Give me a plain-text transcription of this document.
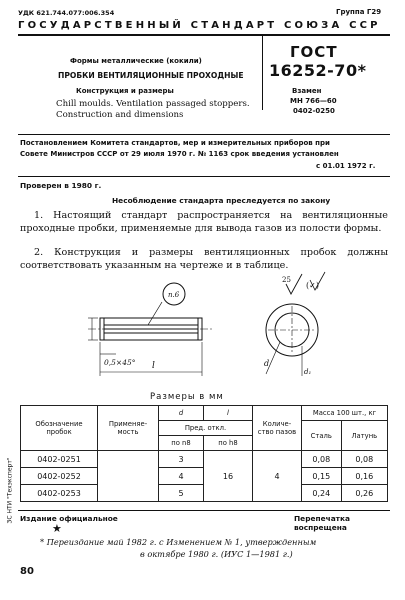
УДК 621.744.077:006.354	Группа Г29
ГОСУДАРСТВЕННЫЙ СТАНДАРТ СОЮЗА ССР
Формы металлические (кокили)
ПРОБКИ ВЕНТИЛЯЦИОННЫЕ ПРОХОДНЫЕ
Конструкция и размеры
Chill moulds. Ventilation passaged stoppers.
Construction and dimensions
ГОСТ
16252-70*
Взамен
МН 766—60
0402-0250
Постановлением Комитета стандартов, мер и измерительных приборов при
Совете Министров СССР от 29 июля 1970 г. № 1163 срок введения установлен
с 01.01 1972 г.
Проверен в 1980 г.
Несоблюдение стандарта преследуется по закону
1. Настоящий стандарт распространяется на вентиляционные проходные пробки, применяемые для вывода газов из полости формы.
2. Конструкция и размеры вентиляционных пробок должны соответствовать указанным на чертеже и в таблице.
п.6
0,5×45° l
25
(✓)
d
d₁
Размеры в мм
Обозначение пробок	Применяе-мость	d	l	Количе-ство пазов	Масса 100 шт., кг	
		Пред. откл.			Сталь	Латунь
		по n8	по h8			
0402-0251		3	16	4	0,08	0,08
0402-0252		4			0,15	0,16
0402-0253		5			0,24	0,26
ЗС НТИ "Техэксперт" Издание официальное	Перепечатка воспрещена
★
* Переиздание май 1982 г. с Изменением № 1, утвержденным
в октябре 1980 г. (ИУС 1—1981 г.)
80
